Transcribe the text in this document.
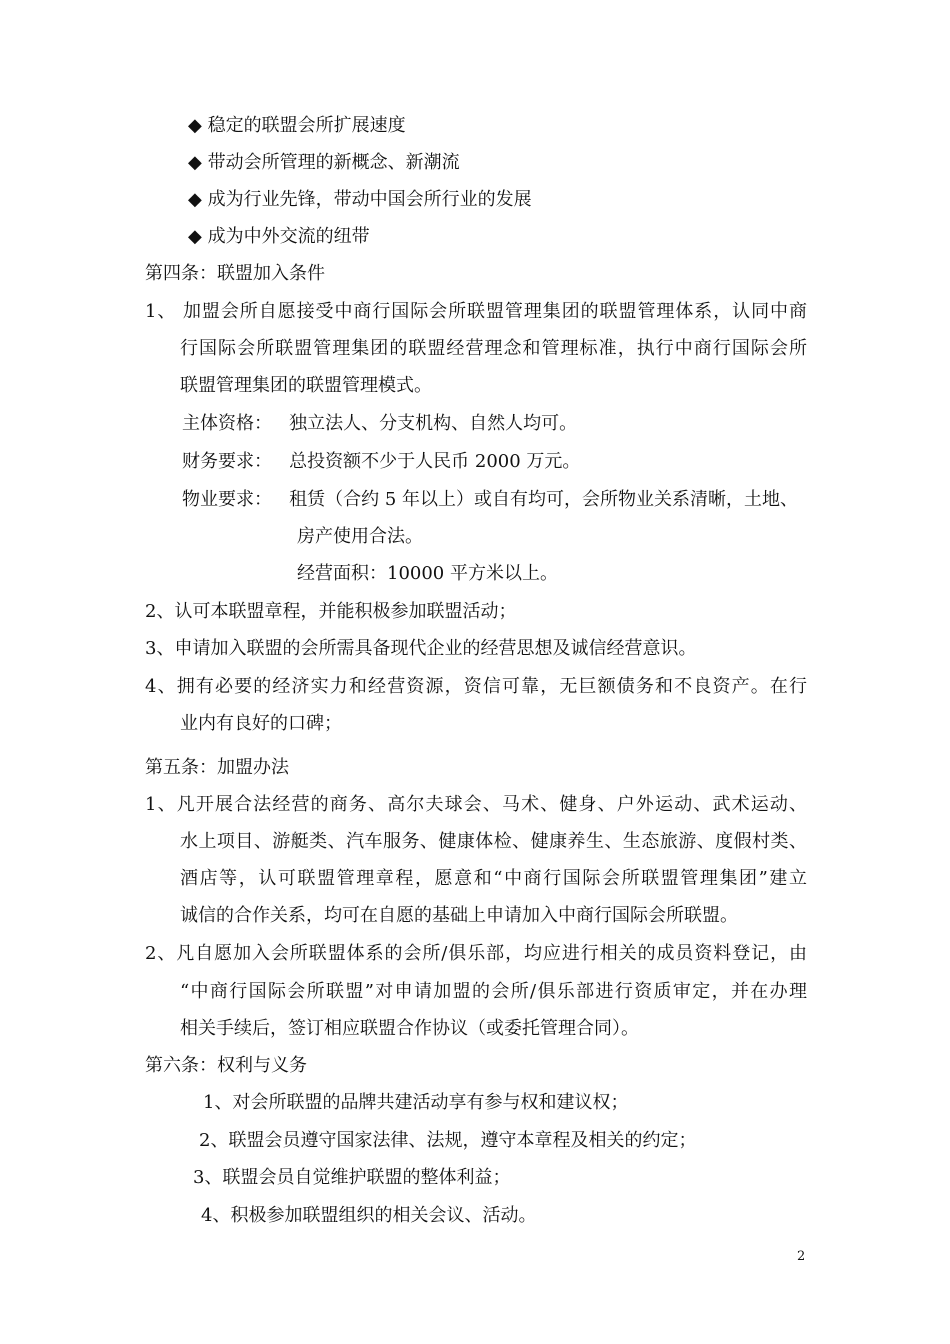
◆ 稳定的联盟会所扩展速度
◆ 带动会所管理的新概念、新潮流
◆ 成为行业先锋，带动中国会所行业的发展
◆ 成为中外交流的纽带
第四条：联盟加入条件
1、 加盟会所自愿接受中商行国际会所联盟管理集团的联盟管理体系，认同中商
行国际会所联盟管理集团的联盟经营理念和管理标准，执行中商行国际会所
联盟管理集团的联盟管理模式。
主体资格：   独立法人、分支机构、自然人均可。
财务要求：   总投资额不少于人民币 2000 万元。
物业要求：   租赁（合约 5 年以上）或自有均可，会所物业关系清晰，土地、
房产使用合法。
经营面积：10000 平方米以上。
2、认可本联盟章程，并能积极参加联盟活动；
3、申请加入联盟的会所需具备现代企业的经营思想及诚信经营意识。
4、拥有必要的经济实力和经营资源，资信可靠，无巨额债务和不良资产。在行
业内有良好的口碑；
第五条：加盟办法
1、凡开展合法经营的商务、高尔夫球会、马术、健身、户外运动、武术运动、
水上项目、游艇类、汽车服务、健康体检、健康养生、生态旅游、度假村类、
酒店等，认可联盟管理章程，愿意和“中商行国际会所联盟管理集团”建立
诚信的合作关系，均可在自愿的基础上申请加入中商行国际会所联盟。
2、凡自愿加入会所联盟体系的会所/俱乐部，均应进行相关的成员资料登记，由
“中商行国际会所联盟”对申请加盟的会所/俱乐部进行资质审定，并在办理
相关手续后，签订相应联盟合作协议（或委托管理合同）。
第六条：权利与义务
1、对会所联盟的品牌共建活动享有参与权和建议权；
2、联盟会员遵守国家法律、法规，遵守本章程及相关的约定；
3、联盟会员自觉维护联盟的整体利益；
4、积极参加联盟组织的相关会议、活动。
2
